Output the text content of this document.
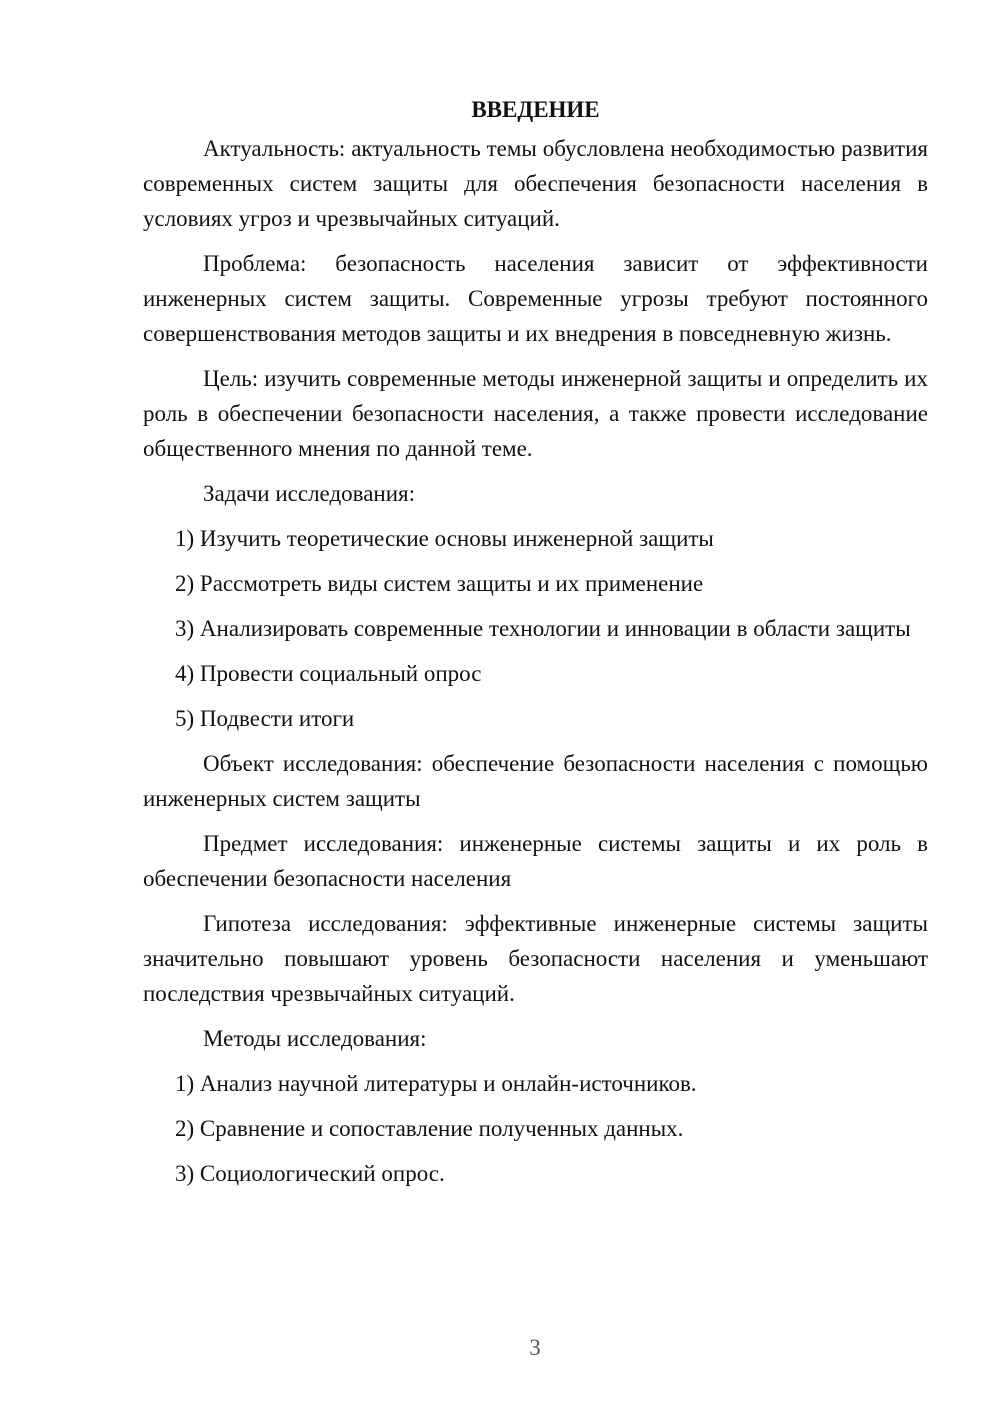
ВВЕДЕНИЕ

Актуальность: актуальность темы обусловлена необходимостью развития современных систем защиты для обеспечения безопасности населения в условиях угроз и чрезвычайных ситуаций.

Проблема: безопасность населения зависит от эффективности инженерных систем защиты. Современные угрозы требуют постоянного совершенствования методов защиты и их внедрения в повседневную жизнь.

Цель: изучить современные методы инженерной защиты и определить их роль в обеспечении безопасности населения, а также провести исследование общественного мнения по данной теме.

Задачи исследования:

1) Изучить теоретические основы инженерной защиты

2) Рассмотреть виды систем защиты и их применение

3) Анализировать современные технологии и инновации в области защиты

4) Провести социальный опрос

5) Подвести итоги

Объект исследования: обеспечение безопасности населения с помощью инженерных систем защиты

Предмет исследования: инженерные системы защиты и их роль в обеспечении безопасности населения

Гипотеза исследования: эффективные инженерные системы защиты значительно повышают уровень безопасности населения и уменьшают последствия чрезвычайных ситуаций.

Методы исследования:

1) Анализ научной литературы и онлайн-источников.

2) Сравнение и сопоставление полученных данных.

3) Социологический опрос.

3
